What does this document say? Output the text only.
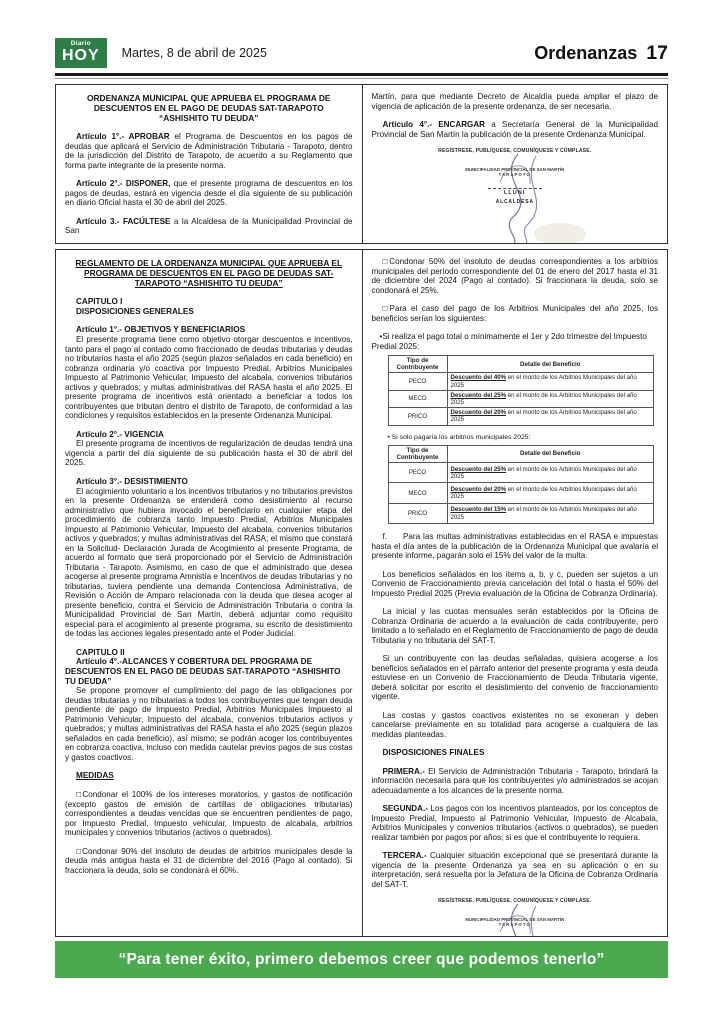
Diario
HOY	Martes, 8 de abril de 2025	Ordenanzas 17
ORDENANZA MUNICIPAL QUE APRUEBA EL PROGRAMA DE DESCUENTOS EN EL PAGO DE DEUDAS SAT-TARAPOTO “ASHISHITO TU DEUDA”

Artículo 1°.- APROBAR el Programa de Descuentos en los pagos de deudas que aplicará el Servicio de Administración Tributaria - Tarapoto, dentro de la jurisdicción del Distrito de Tarapoto, de acuerdo a su Reglamento que forma parte integrante de la presente norma.

Artículo 2°.- DISPONER, que el presente programa de descuentos en los pagos de deudas, estará en vigencia desde el día siguiente de su publicación en diario Oficial hasta el 30 de abril del 2025.

Artículo 3.- FACÚLTESE a la Alcaldesa de la Municipalidad Provincial de San

Martín, para que mediante Decreto de Alcaldía pueda ampliar el plazo de vigencia de aplicación de la presente ordenanza, de ser necesaria.

Artículo 4°.- ENCARGAR a Secretaría General de la Municipalidad Provincial de San Martín la publicación de la presente Ordenanza Municipal.

REGÍSTRESE, PUBLÍQUESE, COMUNÍQUESE Y CÚMPLASE.
MUNICIPALIDAD PROVINCIAL DE SAN MARTÍN
TARAPOTO
LLUNI
ALCALDESA
REGLAMENTO DE LA ORDENANZA MUNICIPAL QUE APRUEBA EL PROGRAMA DE DESCUENTOS EN EL PAGO DE DEUDAS SAT-TARAPOTO “ASHISHITO TU DEUDA”
CAPITULO I
DISPOSICIONES GENERALES
Artículo 1°.- OBJETIVOS Y BENEFICIARIOS

El presente programa tiene como objetivo otorgar descuentos e incentivos, tanto para el pago al contado como fraccionado de deudas tributarias y deudas no tributarios hasta el año 2025 (según plazos señalados en cada beneficio) en cobranza ordinaria y/o coactiva por Impuesto Predial, Arbitrios Municipales Impuesto al Patrimonio Vehicular, Impuesto del alcabala, convenios tributarios activos y quebrados; y multas administrativas del RASA hasta el año 2025. El presente programa de incentivos está orientado a beneficiar a todos los contribuyentes que tributan dentro el distrito de Tarapoto, de conformidad a las condiciones y requisitos establecidos en la presente Ordenanza Municipal.

Artículo 2°.- VIGENCIA

El presente programa de incentivos de regularización de deudas tendrá una vigencia a partir del día siguiente de su publicación hasta el 30 de abril del 2025.

Artículo 3°.- DESISTIMIENTO

El acogimiento voluntario a los incentivos tributarios y no tributarios previstos en la presente Ordenanza se entenderá como desistimiento al recurso administrativo que hubiera invocado el beneficiario en cualquier etapa del procedimiento de cobranza tanto Impuesto Predial, Arbitrios Municipales Impuesto al Patrimonio Vehicular, Impuesto del alcabala, convenios tributarios activos y quebrados; y multas administrativas del RASA; el mismo que constará en la Solicitud- Declaración Jurada de Acogimiento al presente Programa, de acuerdo al formato que será proporcionado por el Servicio de Administración Tributaria - Tarapoto. Asimismo, en caso de que el administrado que desea acogerse al presente programa Amnistía e Incentivos de deudas tributarias y no tributarias, tuviera pendiente una demanda Contenciosa Administrativa, de Revisión o Acción de Amparo relacionada con la deuda que desea acoger al presente beneficio, contra el Servicio de Administración Tributaria o contra la Municipalidad Provincial de San Martín, deberá adjuntar como requisito especial para el acogimiento al presente programa, su escrito de desistimiento de todas las acciones legales presentado ante el Poder Judicial.

CAPITULO II
Artículo 4°.-ALCANCES Y COBERTURA DEL PROGRAMA DE DESCUENTOS EN EL PAGO DE DEUDAS SAT-TARAPOTO “ASHISHITO TU DEUDA”

Se propone promover el cumplimiento del pago de las obligaciones por deudas tributarias y no tributarias a todos los contribuyentes que tengan deuda pendiente de pago de Impuesto Predial, Arbitrios Municipales Impuesto al Patrimonio Vehicular, Impuesto del alcabala, convenios tributarios activos y quebrados; y multas administrativas del RASA hasta el año 2025 (según plazos señalados en cada beneficio), así mismo; se podrán acoger los contribuyentes en cobranza coactiva, incluso con medida cautelar previos pagos de sus costas y gastos coactivos.

MEDIDAS

□Condonar el 100% de los intereses moratorios, y gastos de notificación (excepto gastos de emisión de cartillas de obligaciones tributarias) correspondientes a deudas vencidas que se encuentren pendientes de pago, por Impuesto Predial, Impuesto vehicular, Impuesto de alcabala, arbitrios municipales y convenios tributarios (activos o quebrados).

□Condonar 90% del insoluto de deudas de arbitrios municipales desde la deuda más antigua hasta el 31 de diciembre del 2016 (Pago al contado). Si fraccionara la deuda, solo se condonará el 60%.

□Condonar 50% del insoluto de deudas correspondientes a los arbitrios municipales del período correspondiente del 01 de enero del 2017 hasta el 31 de diciembre del 2024 (Pago al contado). Si fraccionara la deuda, solo se condonará el 25%.

□Para el caso del pago de los Arbitrios Municipales del año 2025, los beneficios serían los siguientes:

•Si realiza el pago total o mínimamente el 1er y 2do trimestre del Impuesto Predial 2025:
Tipo de Contribuyente	Detalle del Beneficio
PECO	Descuento del 40% en el monto de los Arbitrios Municipales del año 2025
MECO	Descuento del 25% en el monto de los Arbitrios Municipales del año 2025
PRICO	Descuento del 20% en el monto de los Arbitrios Municipales del año 2025
• Si solo pagaría los arbitrios municipales 2025:
Tipo de Contribuyente	Detalle del Beneficio
PECO	Descuento del 25% en el monto de los Arbitrios Municipales del año 2025
MECO	Descuento del 20% en el monto de los Arbitrios Municipales del año 2025
PRICO	Descuento del 15% en el monto de los Arbitrios Municipales del año 2025

f. Para las multas administrativas establecidas en el RASA e impuestas hasta el día antes de la publicación de la Ordenanza Municipal que avalaría el presente informe, pagarán solo el 15% del valor de la multa.

Los beneficios señalados en los ítems a, b, y c, pueden ser sujetos a un Convenio de Fraccionamiento previa cancelación del total o hasta el 50% del Impuesto Predial 2025 (Previa evaluación de la Oficina de Cobranza Ordinaria).

La inicial y las cuotas mensuales serán establecidos por la Oficina de Cobranza Ordinaria de acuerdo a la evaluación de cada contribuyente, pero limitado a lo señalado en el Reglamento de Fraccionamiento de pago de deuda Tributaria y no tributaria del SAT-T.

Si un contribuyente con las deudas señaladas, quisiera acogerse a los beneficios señalados en el párrafo anterior del presente programa y esta deuda estuviese en un Convenio de Fraccionamiento de Deuda Tributaria vigente, deberá solicitar por escrito el desistimiento del convenio de fraccionamiento vigente.

Las costas y gastos coactivos existentes no se exoneran y deben cancelarse previamente en su totalidad para acogerse a cualquiera de las medidas planteadas.

DISPOSICIONES FINALES

PRIMERA.- El Servicio de Administración Tributaria - Tarapoto, brindará la información necesaria para que los contribuyentes y/o administrados se acojan adecuadamente a los alcances de la presente norma.

SEGUNDA.- Los pagos con los incentivos planteados, por los conceptos de Impuesto Predial, Impuesto al Patrimonio Vehicular, Impuesto de Alcabala, Arbitrios Municipales y convenios tributarios (activos o quebrados), se pueden realizar también por pagos por años; si es que el contribuyente lo requiera.

TERCERA.- Cualquier situación excepcional que se presentará durante la vigencia de la presente Ordenanza ya sea en su aplicación o en su interpretación, será resuelta por la Jefatura de la Oficina de Cobranza Ordinaria del SAT-T.

REGÍSTRESE, PUBLÍQUESE, COMUNÍQUESE Y CÚMPLASE.
MUNICIPALIDAD PROVINCIAL DE SAN MARTÍN
TARAPOTO
“Para tener éxito, primero debemos creer que podemos tenerlo”
